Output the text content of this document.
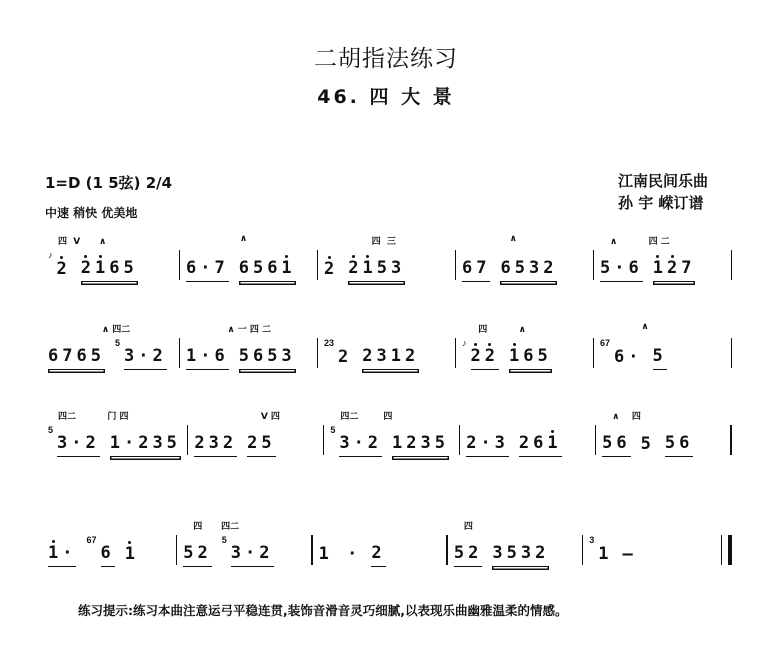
二胡指法练习
46. 四 大 景
1=D (1 5弦) 2/4
中速 稍快 优美地
江南民间乐曲
孙 宇 嵘订谱
四  V      ∧
♪
2 2165
∧
6·7 6561
四  三
2 2153
∧
67 6532
∧          四 二
5·6 127
∧ 四二
6765
5
3·2
∧ 一 四 二
1·6 5653
23
2 2312
四          ∧
♪
22 165
∧
67
6· 5
四二          门 四
5
3·2 1·235
V 四
232 25
四二        四
5
3·2 1235 2·3 261
∧    四
56 5 56
1·
67
6 1
四      四二
52
5
3·2	1 · 2
四
52 3532
3
1 –
练习提示:练习本曲注意运弓平稳连贯,装饰音滑音灵巧细腻,以表现乐曲幽雅温柔的情感。
